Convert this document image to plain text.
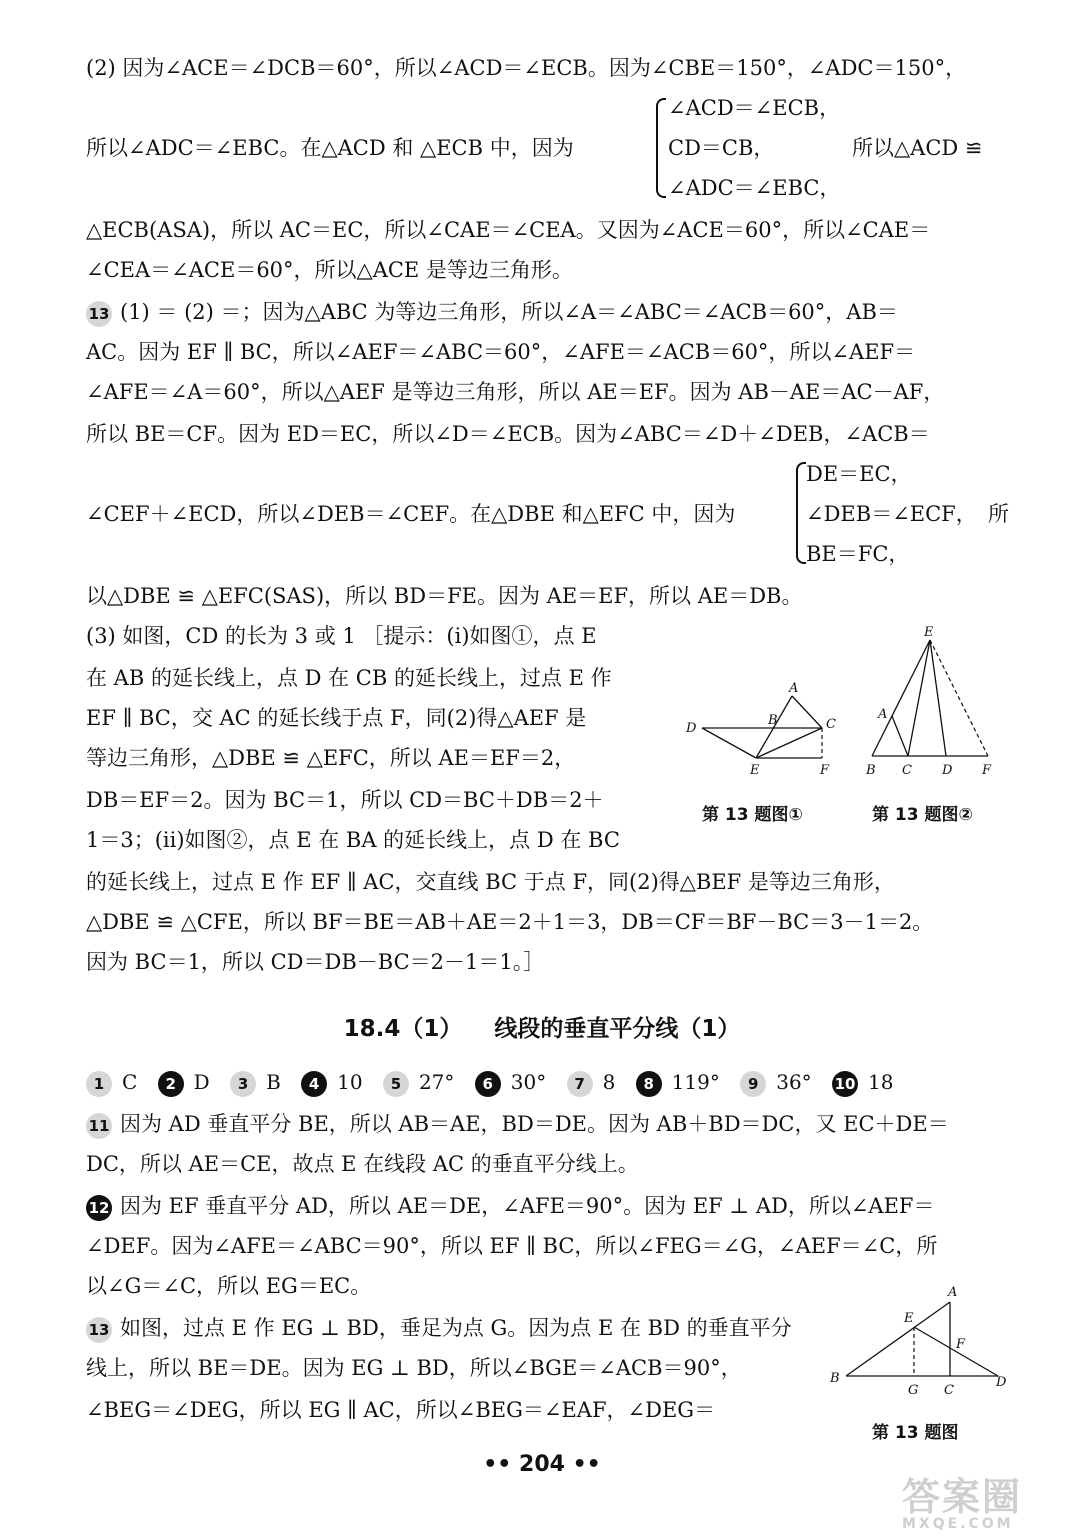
(2) 因为∠ACE＝∠DCB＝60°，所以∠ACD＝∠ECB。因为∠CBE＝150°，∠ADC＝150°，
所以∠ADC＝∠EBC。在△ACD 和 △ECB 中，因为
∠ACD＝∠ECB，
CD＝CB，
∠ADC＝∠EBC，
所以△ACD ≌
△ECB(ASA)，所以 AC＝EC，所以∠CAE＝∠CEA。又因为∠ACE＝60°，所以∠CAE＝
∠CEA＝∠ACE＝60°，所以△ACE 是等边三角形。
13 (1) ＝ (2) ＝；因为△ABC 为等边三角形，所以∠A＝∠ABC＝∠ACB＝60°，AB＝
AC。因为 EF ∥ BC，所以∠AEF＝∠ABC＝60°，∠AFE＝∠ACB＝60°，所以∠AEF＝
∠AFE＝∠A＝60°，所以△AEF 是等边三角形，所以 AE＝EF。因为 AB－AE＝AC－AF，
所以 BE＝CF。因为 ED＝EC，所以∠D＝∠ECB。因为∠ABC＝∠D＋∠DEB，∠ACB＝
∠CEF＋∠ECD，所以∠DEB＝∠CEF。在△DBE 和△EFC 中，因为
DE＝EC，
∠DEB＝∠ECF，
BE＝FC，
所
以△DBE ≌ △EFC(SAS)，所以 BD＝FE。因为 AE＝EF，所以 AE＝DB。
(3) 如图，CD 的长为 3 或 1 ［提示：(i)如图①，点 E
在 AB 的延长线上，点 D 在 CB 的延长线上，过点 E 作
EF ∥ BC，交 AC 的延长线于点 F，同(2)得△AEF 是
等边三角形，△DBE ≌ △EFC，所以 AE＝EF＝2，
DB＝EF＝2。因为 BC＝1，所以 CD＝BC＋DB＝2＋
1＝3；(ii)如图②，点 E 在 BA 的延长线上，点 D 在 BC
的延长线上，过点 E 作 EF ∥ AC，交直线 BC 于点 F，同(2)得△BEF 是等边三角形，
△DBE ≌ △CFE，所以 BF＝BE＝AB＋AE＝2＋1＝3，DB＝CF＝BF－BC＝3－1＝2。
因为 BC＝1，所以 CD＝DB－BC＝2－1＝1。］
D
A
B	C
E	F
第 13 题图①
E
A
B C D F
第 13 题图②
18.4（1） 线段的垂直平分线（1）
1 C 2 D 3 B 4 10 5 27° 6 30° 7 8 8 119° 9 36° 10 18
11 因为 AD 垂直平分 BE，所以 AB＝AE，BD＝DE。因为 AB＋BD＝DC，又 EC＋DE＝
DC，所以 AE＝CE，故点 E 在线段 AC 的垂直平分线上。
12 因为 EF 垂直平分 AD，所以 AE＝DE，∠AFE＝90°。因为 EF ⊥ AD，所以∠AEF＝
∠DEF。因为∠AFE＝∠ABC＝90°，所以 EF ∥ BC，所以∠FEG＝∠G，∠AEF＝∠C，所
以∠G＝∠C，所以 EG＝EC。
13 如图，过点 E 作 EG ⊥ BD，垂足为点 G。因为点 E 在 BD 的垂直平分
线上，所以 BE＝DE。因为 EG ⊥ BD，所以∠BGE＝∠ACB＝90°，
∠BEG＝∠DEG，所以 EG ∥ AC，所以∠BEG＝∠EAF，∠DEG＝
A
E
F
B
G C
D
第 13 题图
•• 204 ••
答案圈
MXQE.COM
